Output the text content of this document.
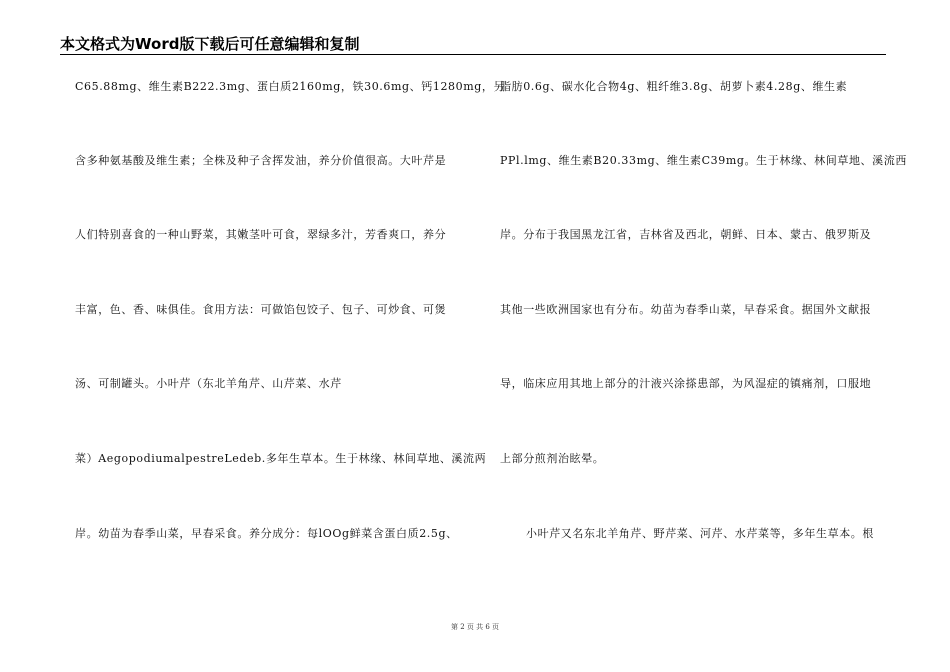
本文格式为Word版下载后可任意编辑和复制
C65.88mg、维生素B222.3mg、蛋白质2160mg，铁30.6mg、钙1280mg，另
含多种氨基酸及维生素；全株及种子含挥发油，养分价值很高。大叶芹是
人们特别喜食的一种山野菜，其嫩茎叶可食，翠绿多汁，芳香爽口，养分
丰富，色、香、味俱佳。食用方法：可做馅包饺子、包子、可炒食、可煲
汤、可制罐头。小叶芹（东北羊角芹、山芹菜、水芹
菜）AegopodiumalpestreLedeb.多年生草本。生于林缘、林间草地、溪流两
岸。幼苗为春季山菜，早春采食。养分成分：每lOOg鲜菜含蛋白质2.5g、
脂肪0.6g、碳水化合物4g、粗纤维3.8g、胡萝卜素4.28g、维生素
PPl.lmg、维生素B20.33mg、维生素C39mg。生于林缘、林间草地、溪流西
岸。分布于我国黑龙江省，吉林省及西北，朝鲜、日本、蒙古、俄罗斯及
其他一些欧洲国家也有分布。幼苗为春季山菜，早春采食。据国外文献报
导，临床应用其地上部分的汁液兴涂搽患部，为风湿症的镇痛剂，口服地
上部分煎剂治眩晕。
小叶芹又名东北羊角芹、野芹菜、河芹、水芹菜等，多年生草本。根
第 2 页 共 6 页
